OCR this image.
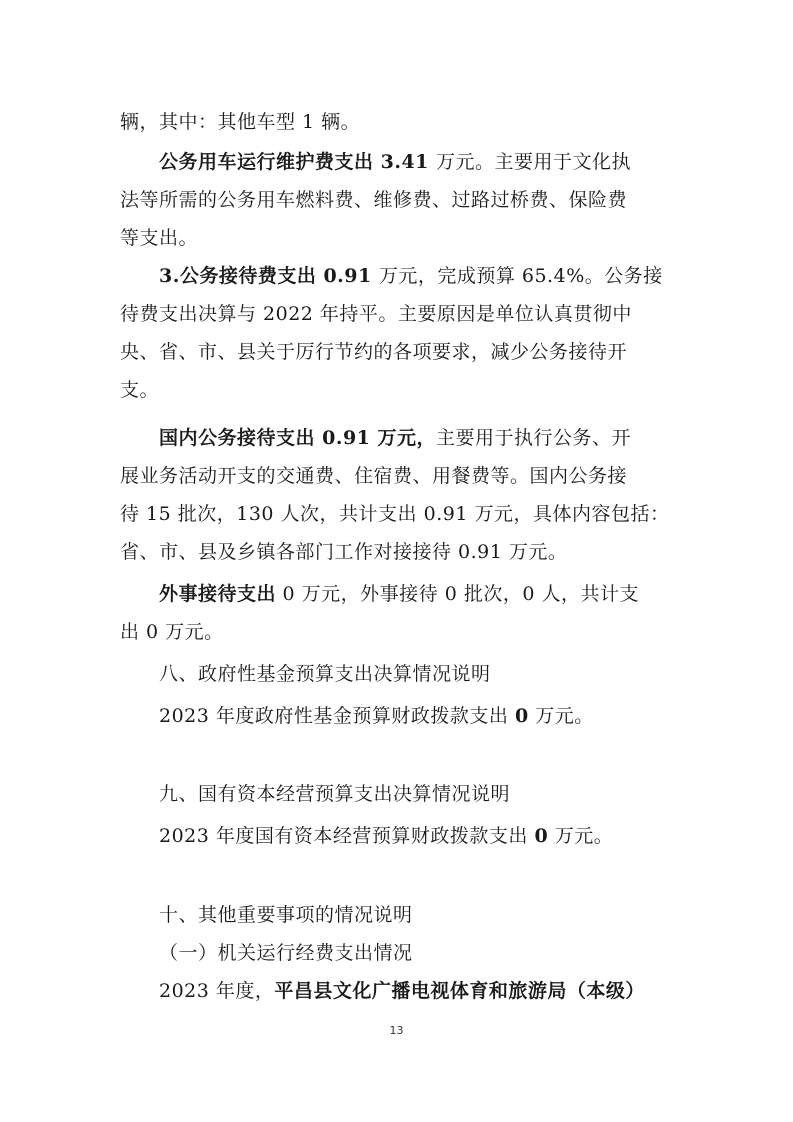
辆，其中：其他车型 1 辆。
公务用车运行维护费支出 3.41 万元。主要用于文化执
法等所需的公务用车燃料费、维修费、过路过桥费、保险费
等支出。
3.公务接待费支出 0.91 万元，完成预算 65.4%。公务接
待费支出决算与 2022 年持平。主要原因是单位认真贯彻中
央、省、市、县关于厉行节约的各项要求，减少公务接待开
支。
国内公务接待支出 0.91 万元，主要用于执行公务、开
展业务活动开支的交通费、住宿费、用餐费等。国内公务接
待 15 批次，130 人次，共计支出 0.91 万元，具体内容包括：
省、市、县及乡镇各部门工作对接接待 0.91 万元。
外事接待支出 0 万元，外事接待 0 批次，0 人，共计支
出 0 万元。
八、政府性基金预算支出决算情况说明
2023 年度政府性基金预算财政拨款支出 0 万元。
九、国有资本经营预算支出决算情况说明
2023 年度国有资本经营预算财政拨款支出 0 万元。
十、其他重要事项的情况说明
（一）机关运行经费支出情况
2023 年度，平昌县文化广播电视体育和旅游局（本级）
13
